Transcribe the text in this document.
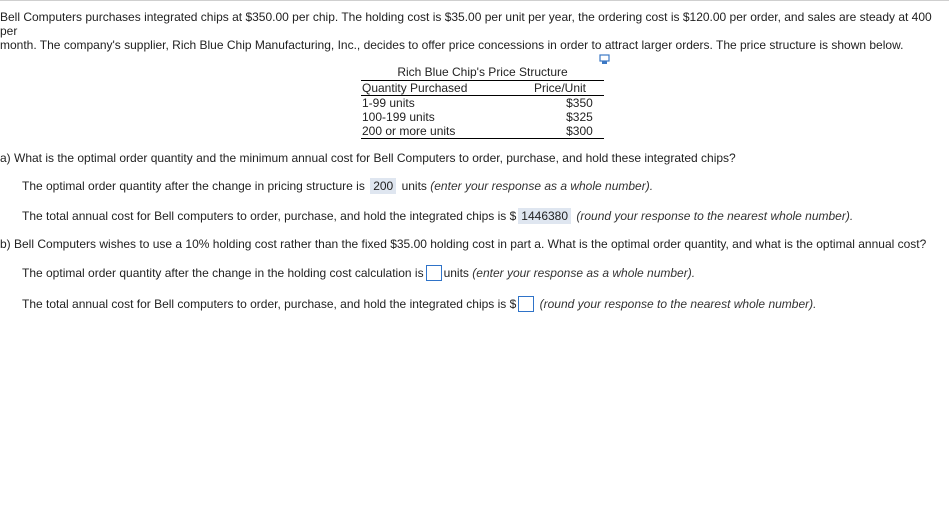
Bell Computers purchases integrated chips at $350.00 per chip. The holding cost is $35.00 per unit per year, the ordering cost is $120.00 per order, and sales are steady at 400 per
month. The company's supplier, Rich Blue Chip Manufacturing, Inc., decides to offer price concessions in order to attract larger orders. The price structure is shown below.

Rich Blue Chip's Price Structure
Quantity Purchased	Price/Unit
1-99 units	$350
100-199 units	$325
200 or more units	$300
a) What is the optimal order quantity and the minimum annual cost for Bell Computers to order, purchase, and hold these integrated chips?
The optimal order quantity after the change in pricing structure is 200 units (enter your response as a whole number).
The total annual cost for Bell computers to order, purchase, and hold the integrated chips is $ 1446380 (round your response to the nearest whole number).
b) Bell Computers wishes to use a 10% holding cost rather than the fixed $35.00 holding cost in part a. What is the optimal order quantity, and what is the optimal annual cost?
The optimal order quantity after the change in the holding cost calculation is units (enter your response as a whole number).
The total annual cost for Bell computers to order, purchase, and hold the integrated chips is $ (round your response to the nearest whole number).
